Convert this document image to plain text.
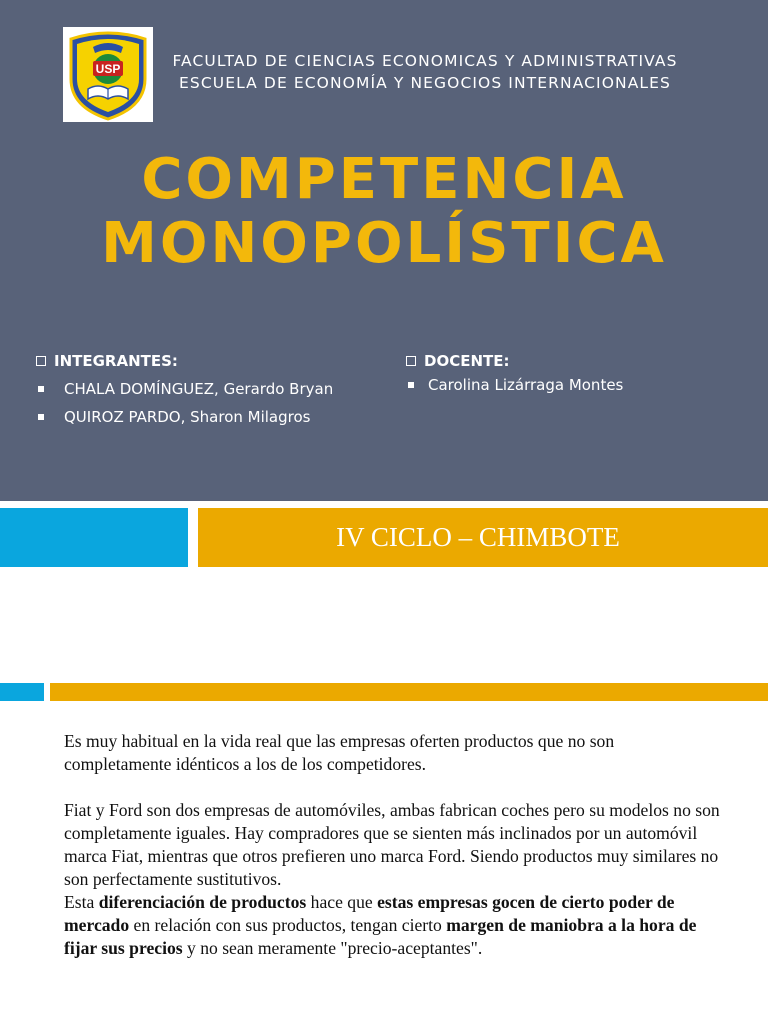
USP	FACULTAD DE CIENCIAS ECONOMICAS Y ADMINISTRATIVAS
ESCUELA DE ECONOMÍA Y NEGOCIOS INTERNACIONALES
COMPETENCIA
MONOPOLÍSTICA
INTEGRANTES:
CHALA DOMÍNGUEZ, Gerardo Bryan
QUIROZ PARDO, Sharon Milagros
DOCENTE:
Carolina Lizárraga Montes
IV CICLO – CHIMBOTE

Es muy habitual en la vida real que las empresas oferten productos que no son completamente idénticos a los de los competidores.

Fiat y Ford son dos empresas de automóviles, ambas fabrican coches pero su modelos no son completamente iguales. Hay compradores que se sienten más inclinados por un automóvil marca Fiat, mientras que otros prefieren uno marca Ford. Siendo productos muy similares no son perfectamente sustitutivos.

Esta diferenciación de productos hace que estas empresas gocen de cierto poder de mercado en relación con sus productos, tengan cierto margen de maniobra a la hora de fijar sus precios y no sean meramente "precio-aceptantes".
